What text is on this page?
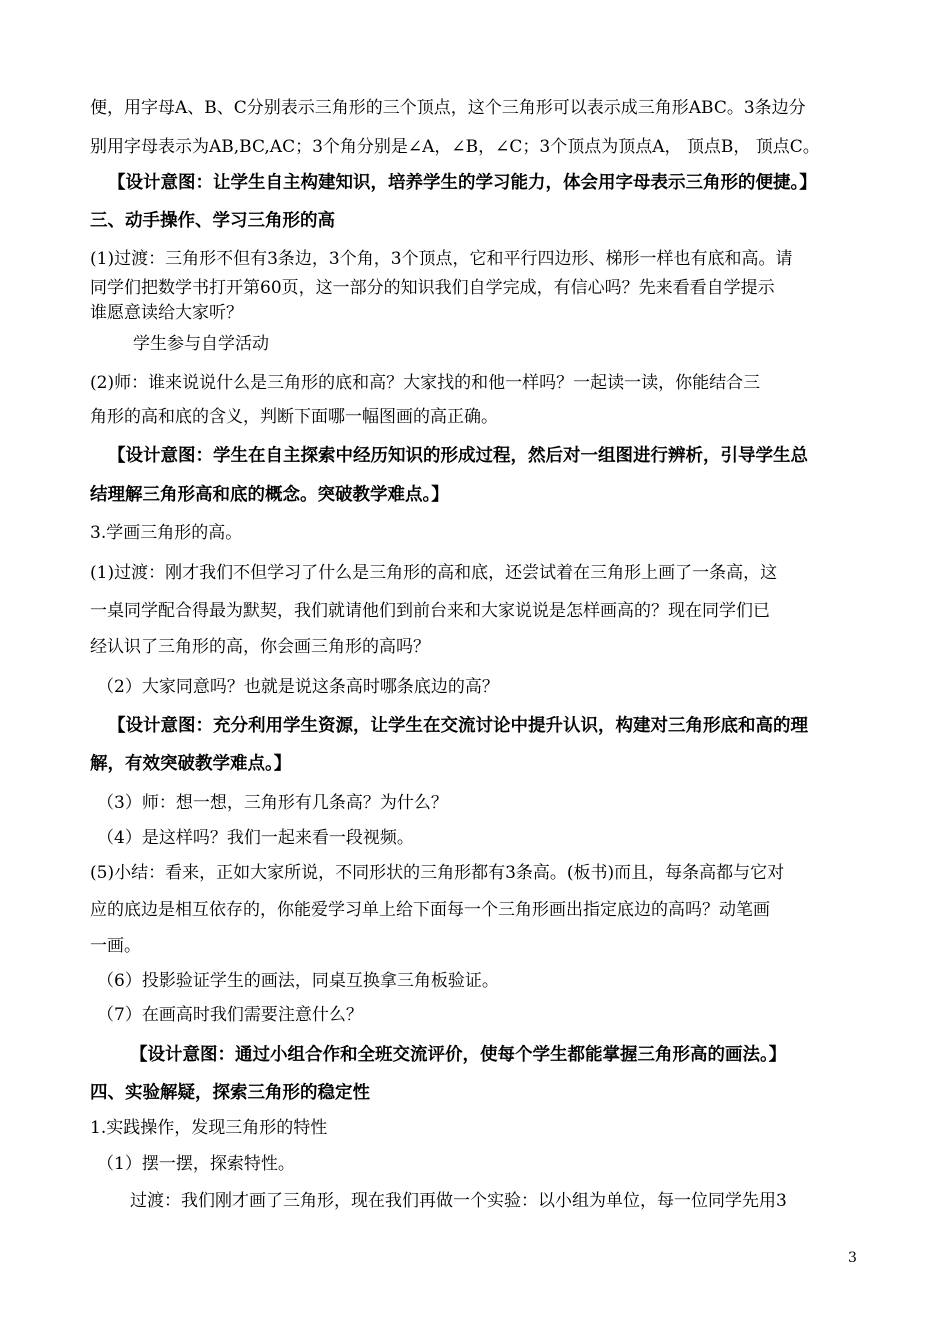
便，用字母A、B、C分别表示三角形的三个顶点，这个三角形可以表示成三角形ABC。3条边分
别用字母表示为AB,BC,AC；3个角分别是∠A，∠B，∠C；3个顶点为顶点A， 顶点B， 顶点C。
【设计意图：让学生自主构建知识，培养学生的学习能力，体会用字母表示三角形的便捷。】
三、动手操作、学习三角形的高
(1)过渡：三角形不但有3条边，3个角，3个顶点，它和平行四边形、梯形一样也有底和高。请
同学们把数学书打开第60页，这一部分的知识我们自学完成，有信心吗？先来看看自学提示
谁愿意读给大家听？
学生参与自学活动
(2)师：谁来说说什么是三角形的底和高？大家找的和他一样吗？一起读一读，你能结合三
角形的高和底的含义，判断下面哪一幅图画的高正确。
【设计意图：学生在自主探索中经历知识的形成过程，然后对一组图进行辨析，引导学生总
结理解三角形高和底的概念。突破教学难点。】
3.学画三角形的高。
(1)过渡：刚才我们不但学习了什么是三角形的高和底，还尝试着在三角形上画了一条高，这
一桌同学配合得最为默契，我们就请他们到前台来和大家说说是怎样画高的？现在同学们已
经认识了三角形的高，你会画三角形的高吗？
（2）大家同意吗？也就是说这条高时哪条底边的高？
【设计意图：充分利用学生资源，让学生在交流讨论中提升认识，构建对三角形底和高的理
解，有效突破教学难点。】
（3）师：想一想，三角形有几条高？为什么？
（4）是这样吗？我们一起来看一段视频。
(5)小结：看来，正如大家所说，不同形状的三角形都有3条高。(板书)而且，每条高都与它对
应的底边是相互依存的，你能爱学习单上给下面每一个三角形画出指定底边的高吗？动笔画
一画。
（6）投影验证学生的画法，同桌互换拿三角板验证。
（7）在画高时我们需要注意什么？
【设计意图：通过小组合作和全班交流评价，使每个学生都能掌握三角形高的画法。】
四、实验解疑，探索三角形的稳定性
1.实践操作，发现三角形的特性
（1）摆一摆，探索特性。
过渡：我们刚才画了三角形，现在我们再做一个实验：以小组为单位，每一位同学先用3
3
